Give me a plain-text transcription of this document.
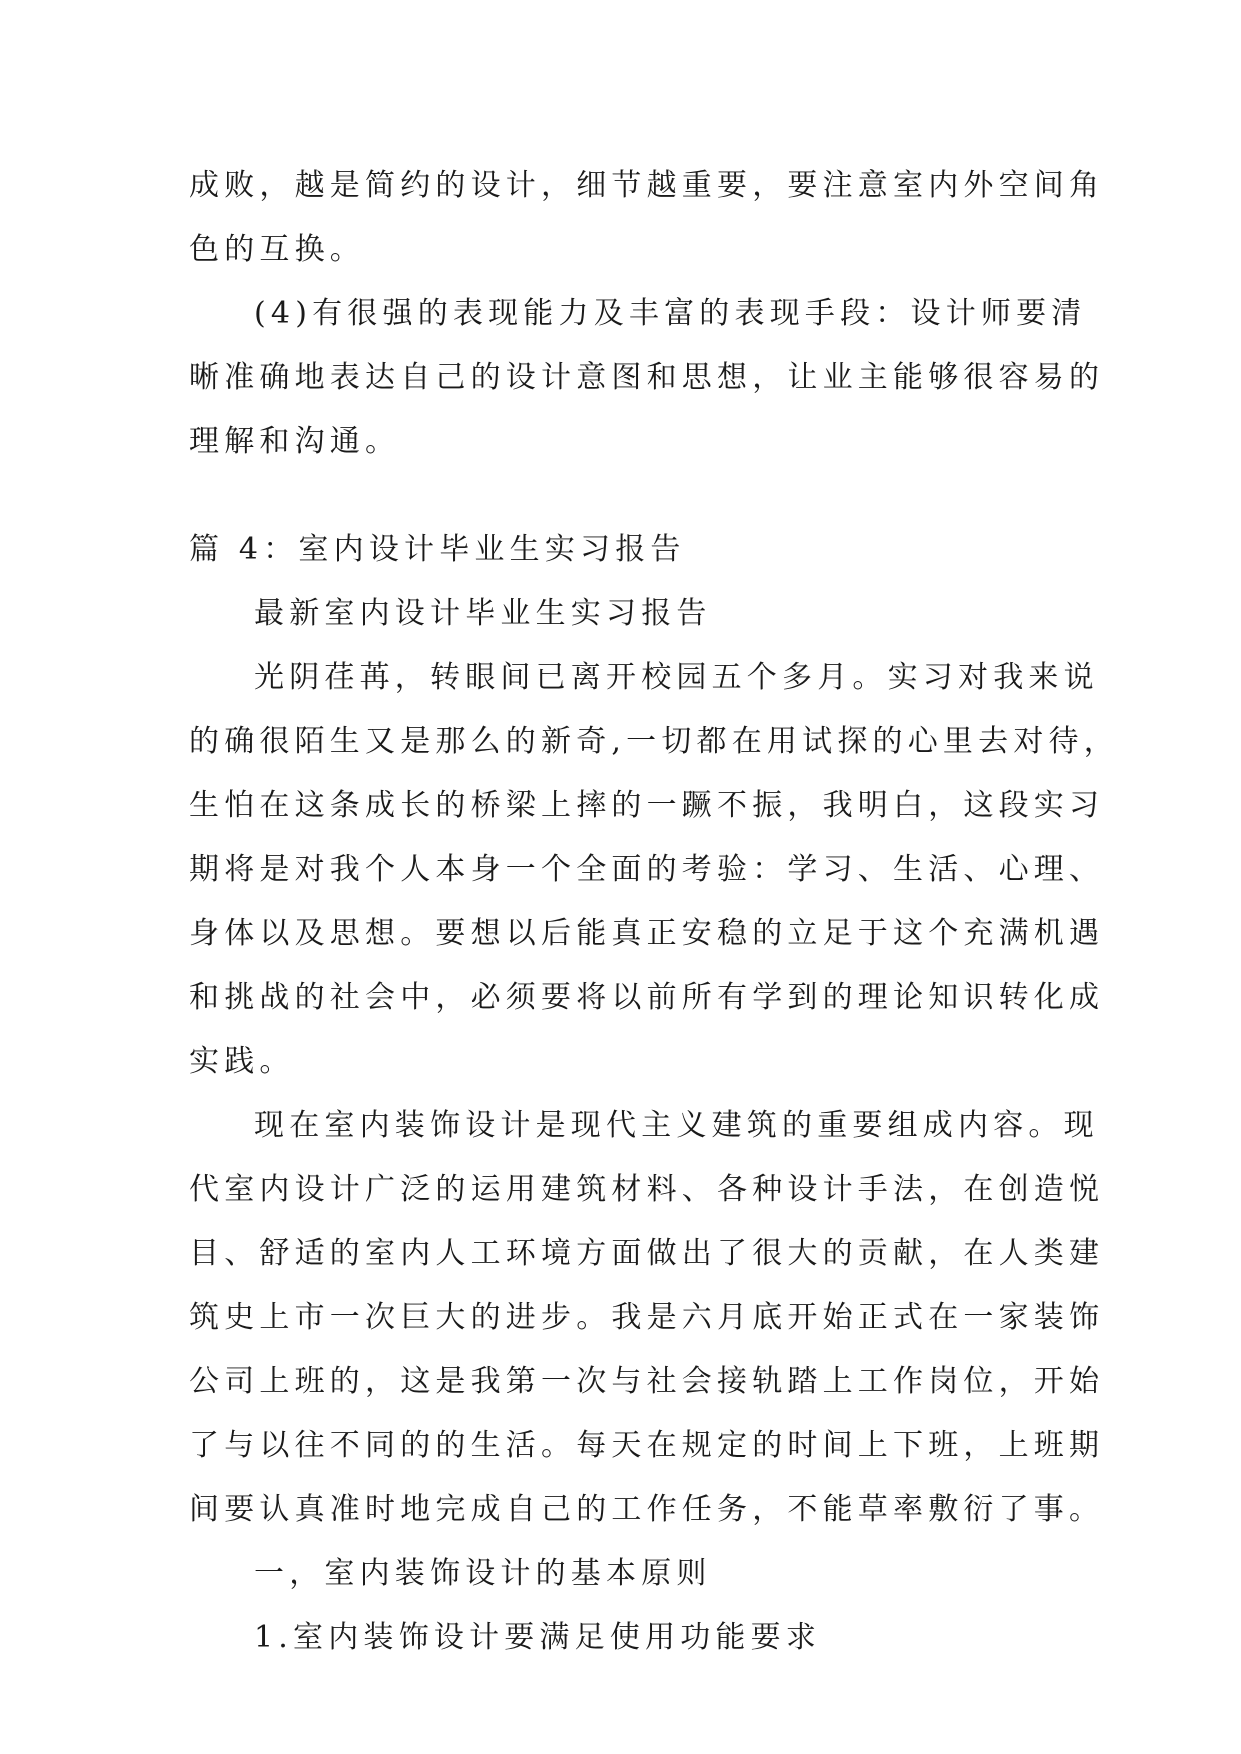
成败，越是简约的设计，细节越重要，要注意室内外空间角
色的互换。
(4)有很强的表现能力及丰富的表现手段：设计师要清
晰准确地表达自己的设计意图和思想，让业主能够很容易的
理解和沟通。
篇 4：室内设计毕业生实习报告
最新室内设计毕业生实习报告
光阴荏苒，转眼间已离开校园五个多月。实习对我来说
的确很陌生又是那么的新奇,一切都在用试探的心里去对待，
生怕在这条成长的桥梁上摔的一蹶不振，我明白，这段实习
期将是对我个人本身一个全面的考验：学习、生活、心理、
身体以及思想。要想以后能真正安稳的立足于这个充满机遇
和挑战的社会中，必须要将以前所有学到的理论知识转化成
实践。
现在室内装饰设计是现代主义建筑的重要组成内容。现
代室内设计广泛的运用建筑材料、各种设计手法，在创造悦
目、舒适的室内人工环境方面做出了很大的贡献，在人类建
筑史上市一次巨大的进步。我是六月底开始正式在一家装饰
公司上班的，这是我第一次与社会接轨踏上工作岗位，开始
了与以往不同的的生活。每天在规定的时间上下班，上班期
间要认真准时地完成自己的工作任务，不能草率敷衍了事。
一，室内装饰设计的基本原则
1.室内装饰设计要满足使用功能要求
